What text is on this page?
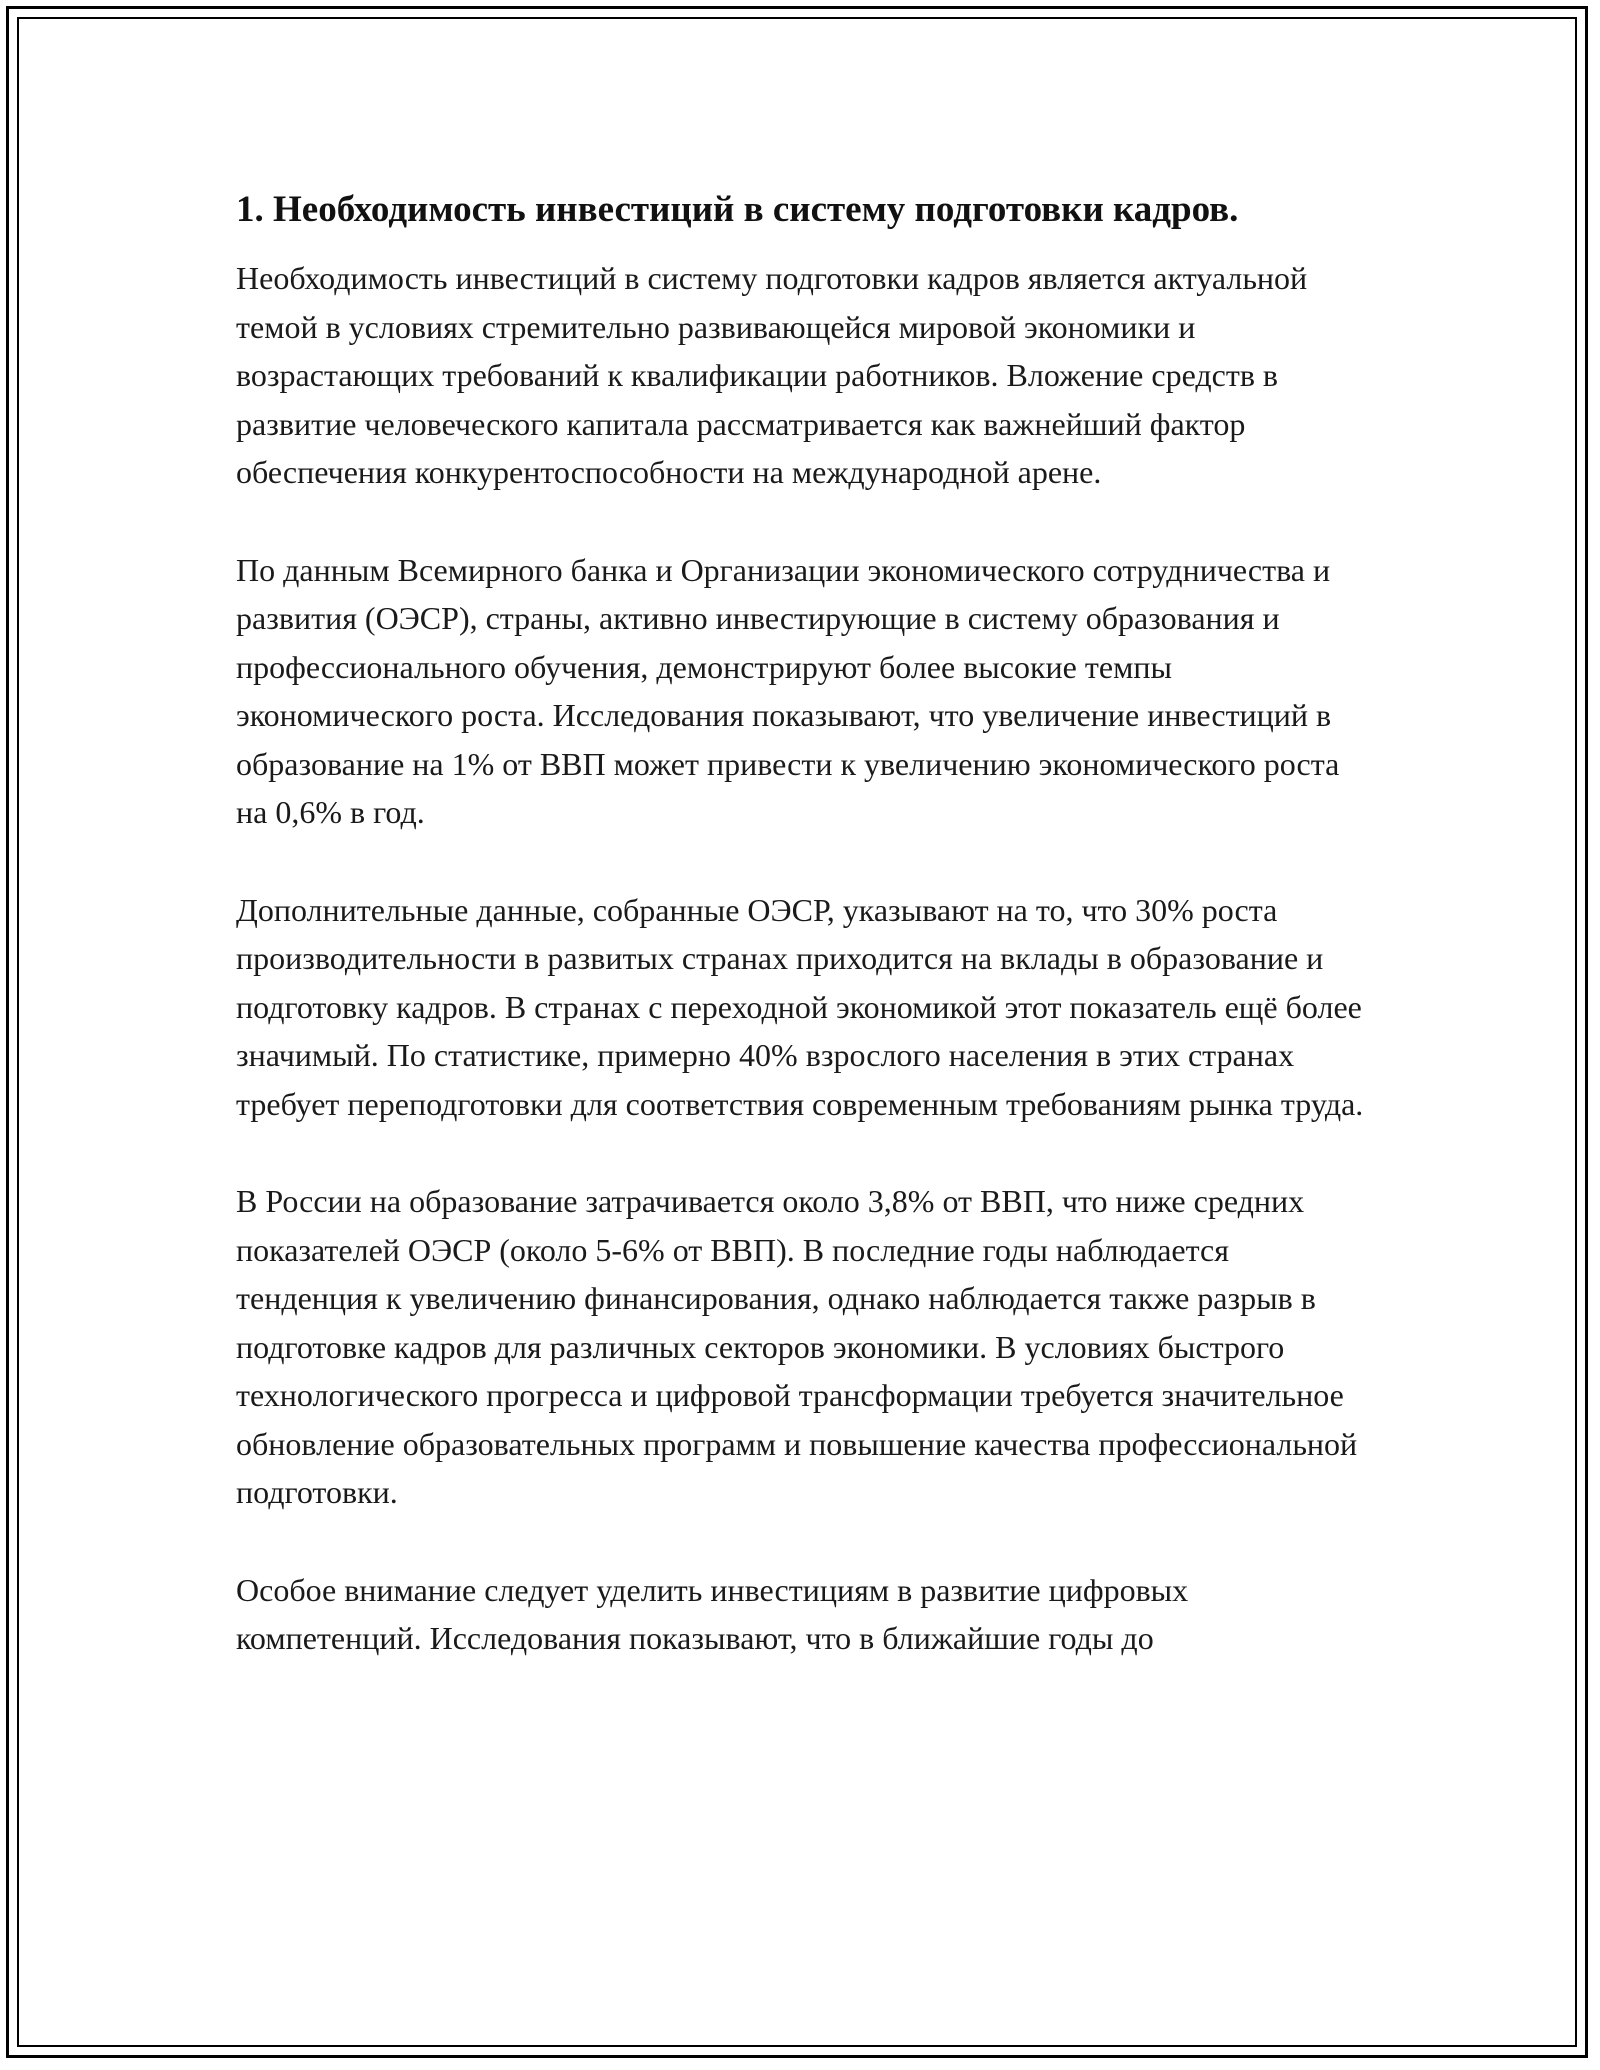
1. Необходимость инвестиций в систему подготовки кадров.

Необходимость инвестиций в систему подготовки кадров является актуальной темой в условиях стремительно развивающейся мировой экономики и возрастающих требований к квалификации работников. Вложение средств в развитие человеческого капитала рассматривается как важнейший фактор обеспечения конкурентоспособности на международной арене.

По данным Всемирного банка и Организации экономического сотрудничества и развития (ОЭСР), страны, активно инвестирующие в систему образования и профессионального обучения, демонстрируют более высокие темпы экономического роста. Исследования показывают, что увеличение инвестиций в образование на 1% от ВВП может привести к увеличению экономического роста на 0,6% в год.

Дополнительные данные, собранные ОЭСР, указывают на то, что 30% роста производительности в развитых странах приходится на вклады в образование и подготовку кадров. В странах с переходной экономикой этот показатель ещё более значимый. По статистике, примерно 40% взрослого населения в этих странах требует переподготовки для соответствия современным требованиям рынка труда.

В России на образование затрачивается около 3,8% от ВВП, что ниже средних показателей ОЭСР (около 5-6% от ВВП). В последние годы наблюдается тенденция к увеличению финансирования, однако наблюдается также разрыв в подготовке кадров для различных секторов экономики. В условиях быстрого технологического прогресса и цифровой трансформации требуется значительное обновление образовательных программ и повышение качества профессиональной подготовки.

Особое внимание следует уделить инвестициям в развитие цифровых компетенций. Исследования показывают, что в ближайшие годы до
